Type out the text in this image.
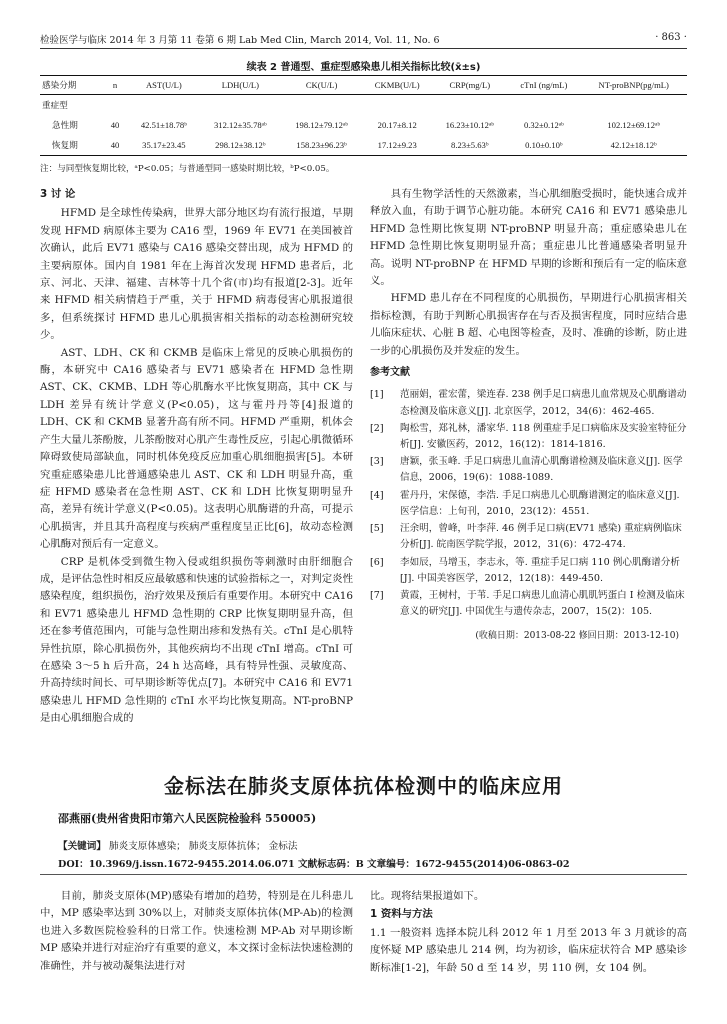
检验医学与临床 2014 年 3 月第 11 卷第 6 期 Lab Med Clin, March 2014, Vol. 11, No. 6	· 863 ·
续表 2 普通型、重症型感染患儿相关指标比较(x̄±s)
感染分期	n	AST(U/L)	LDH(U/L)	CK(U/L)	CKMB(U/L)	CRP(mg/L)	cTnI (ng/mL)	NT-proBNP(pg/mL)
重症型								
急性期	40	42.51±18.78ᵇ	312.12±35.78ᵃᵇ	198.12±79.12ᵃᵇ	20.17±8.12	16.23±10.12ᵃᵇ	0.32±0.12ᵃᵇ	102.12±69.12ᵃᵇ
恢复期	40	35.17±23.45	298.12±38.12ᵇ	158.23±96.23ᵇ	17.12±9.23	8.23±5.63ᵇ	0.10±0.10ᵇ	42.12±18.12ᵇ
注：与同型恢复期比较，ᵃP<0.05；与普通型同一感染时期比较，ᵇP<0.05。
3 讨 论

HFMD 是全球性传染病，世界大部分地区均有流行报道，早期发现 HFMD 病原体主要为 CA16 型，1969 年 EV71 在美国被首次确认，此后 EV71 感染与 CA16 感染交替出现，成为 HFMD 的主要病原体。国内自 1981 年在上海首次发现 HFMD 患者后，北京、河北、天津、福建、吉林等十几个省(市)均有报道[2-3]。近年来 HFMD 相关病情趋于严重，关于 HFMD 病毒侵害心肌报道很多，但系统探讨 HFMD 患儿心肌损害相关指标的动态检测研究较少。

AST、LDH、CK 和 CKMB 是临床上常见的反映心肌损伤的酶，本研究中 CA16 感染者与 EV71 感染者在 HFMD 急性期 AST、CK、CKMB、LDH 等心肌酶水平比恢复期高，其中 CK 与 LDH 差异有统计学意义(P<0.05)，这与霍丹丹等[4]报道的 LDH、CK 和 CKMB 显著升高有所不同。HFMD 严重期，机体会产生大量儿茶酚胺，儿茶酚胺对心肌产生毒性反应，引起心肌微循环障碍致使局部缺血，同时机体免疫反应加重心肌细胞损害[5]。本研究重症感染患儿比普通感染患儿 AST、CK 和 LDH 明显升高，重症 HFMD 感染者在急性期 AST、CK 和 LDH 比恢复期明显升高，差异有统计学意义(P<0.05)。这表明心肌酶谱的升高，可提示心肌损害，并且其升高程度与疾病严重程度呈正比[6]，故动态检测心肌酶对预后有一定意义。

CRP 是机体受到微生物入侵或组织损伤等刺激时由肝细胞合成，是评估急性时相反应最敏感和快速的试验指标之一，对判定炎性感染程度，组织损伤，治疗效果及预后有重要作用。本研究中 CA16 和 EV71 感染患儿 HFMD 急性期的 CRP 比恢复期明显升高，但还在参考值范围内，可能与急性期出疹和发热有关。cTnI 是心肌特异性抗原，除心肌损伤外，其他疾病均不出现 cTnI 增高。cTnI 可在感染 3～5 h 后升高，24 h 达高峰，具有特异性强、灵敏度高、升高持续时间长、可早期诊断等优点[7]。本研究中 CA16 和 EV71 感染患儿 HFMD 急性期的 cTnI 水平均比恢复期高。NT-proBNP 是由心肌细胞合成的

具有生物学活性的天然激素，当心肌细胞受损时，能快速合成并释放入血，有助于调节心脏功能。本研究 CA16 和 EV71 感染患儿 HFMD 急性期比恢复期 NT-proBNP 明显升高；重症感染患儿在 HFMD 急性期比恢复期明显升高；重症患儿比普通感染者明显升高。说明 NT-proBNP 在 HFMD 早期的诊断和预后有一定的临床意义。

HFMD 患儿存在不同程度的心肌损伤，早期进行心肌损害相关指标检测，有助于判断心肌损害存在与否及损害程度，同时应结合患儿临床症状、心脏 B 超、心电图等检查，及时、准确的诊断，防止进一步的心肌损伤及并发症的发生。

参考文献
[1] 范丽娟，霍宏蕾，梁连春. 238 例手足口病患儿血常规及心肌酶谱动态检测及临床意义[J]. 北京医学，2012，34(6)：462-465.
[2] 陶松雪，郑礼林，潘家华. 118 例重症手足口病临床及实验室特征分析[J]. 安徽医药，2012，16(12)：1814-1816.
[3] 唐颖，张玉峰. 手足口病患儿血清心肌酶谱检测及临床意义[J]. 医学信息，2006，19(6)：1088-1089.
[4] 霍丹丹，宋保德，李浩. 手足口病患儿心肌酶谱测定的临床意义[J]. 医学信息：上旬刊，2010，23(12)：4551.
[5] 汪余明，曾峰，叶李萍. 46 例手足口病(EV71 感染) 重症病例临床分析[J]. 皖南医学院学报，2012，31(6)：472-474.
[6] 李如辰，马增玉，李志永，等. 重症手足口病 110 例心肌酶谱分析[J]. 中国美容医学，2012，12(18)：449-450.
[7] 黄霞，王树村，于苇. 手足口病患儿血清心肌肌钙蛋白 I 检测及临床意义的研究[J]. 中国优生与遗传杂志，2007，15(2)：105.
(收稿日期：2013-08-22 修回日期：2013-12-10)
金标法在肺炎支原体抗体检测中的临床应用
邵燕丽(贵州省贵阳市第六人民医院检验科 550005)
【关键词】 肺炎支原体感染； 肺炎支原体抗体； 金标法
DOI：10.3969/j.issn.1672-9455.2014.06.071 文献标志码：B 文章编号：1672-9455(2014)06-0863-02

目前，肺炎支原体(MP)感染有增加的趋势，特别是在儿科患儿中，MP 感染率达到 30%以上，对肺炎支原体抗体(MP-Ab)的检测也进入多数医院检验科的日常工作。快速检测 MP-Ab 对早期诊断 MP 感染并进行对症治疗有重要的意义，本文探讨金标法快速检测的准确性，并与被动凝集法进行对

比。现将结果报道如下。

1 资料与方法

1.1 一般资料 选择本院儿科 2012 年 1 月至 2013 年 3 月就诊的高度怀疑 MP 感染患儿 214 例，均为初诊，临床症状符合 MP 感染诊断标准[1-2]，年龄 50 d 至 14 岁，男 110 例，女 104 例。
